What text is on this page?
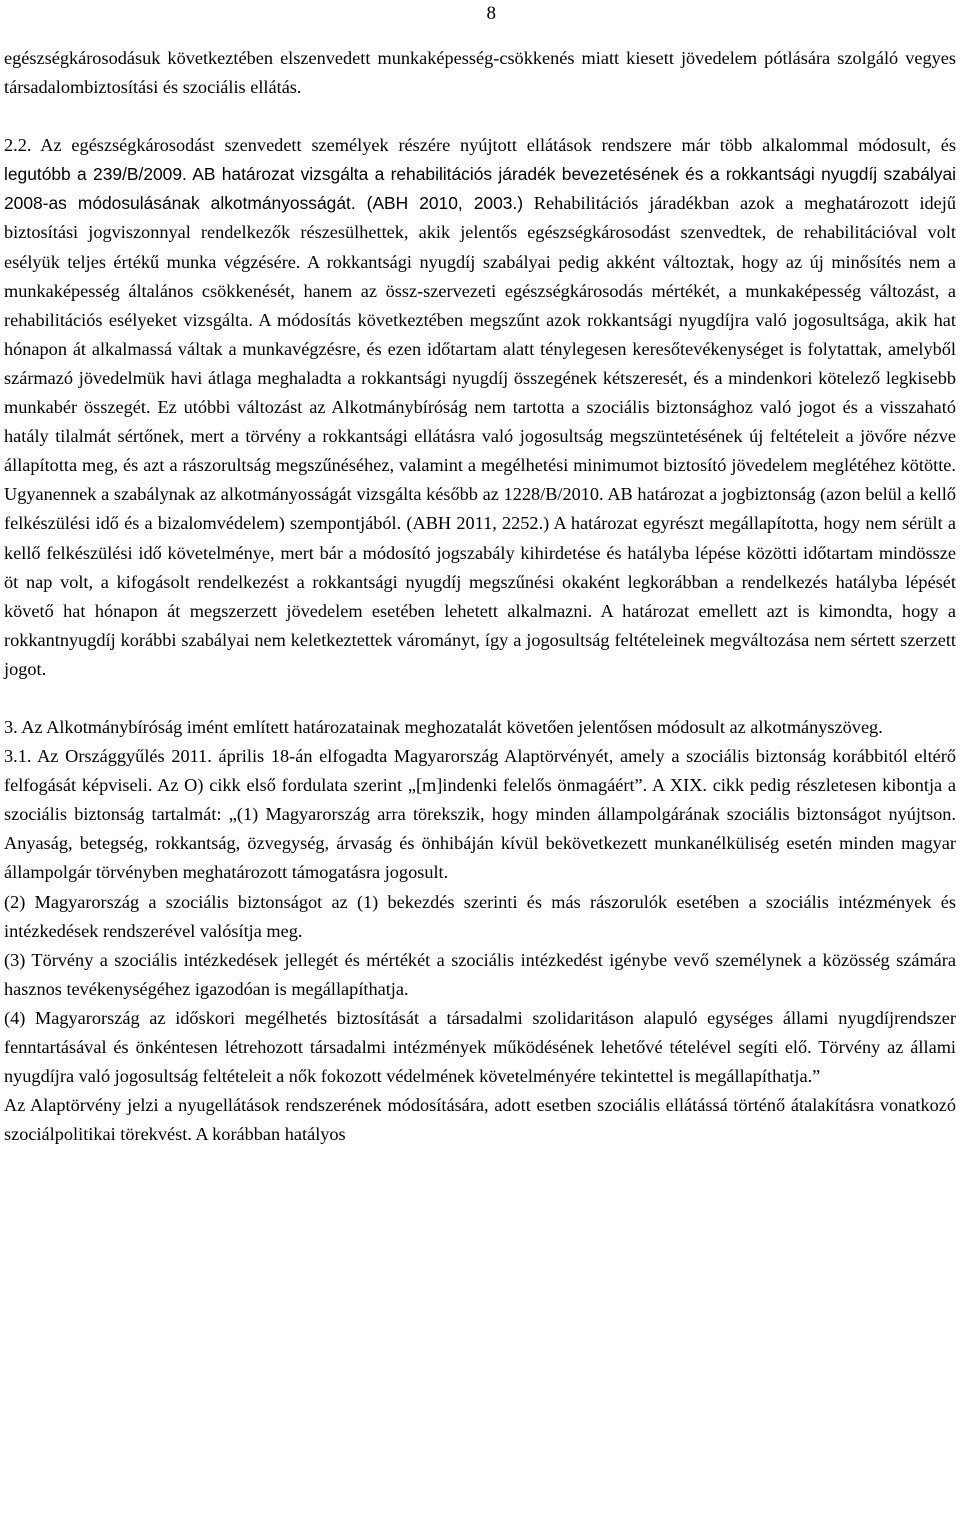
8

egészségkárosodásuk következtében elszenvedett munkaképesség-csökkenés miatt kiesett jövedelem pótlására szolgáló vegyes társadalombiztosítási és szociális ellátás.

2.2. Az egészségkárosodást szenvedett személyek részére nyújtott ellátások rendszere már több alkalommal módosult, és legutóbb a 239/B/2009. AB határozat vizsgálta a rehabilitációs járadék bevezetésének és a rokkantsági nyugdíj szabályai 2008-as módosulásának alkotmányosságát. (ABH 2010, 2003.) Rehabilitációs járadékban azok a meghatározott idejű biztosítási jogviszonnyal rendelkezők részesülhettek, akik jelentős egészségkárosodást szenvedtek, de rehabilitációval volt esélyük teljes értékű munka végzésére. A rokkantsági nyugdíj szabályai pedig akként változtak, hogy az új minősítés nem a munkaképesség általános csökkenését, hanem az össz-szervezeti egészségkárosodás mértékét, a munkaképesség változást, a rehabilitációs esélyeket vizsgálta. A módosítás következtében megszűnt azok rokkantsági nyugdíjra való jogosultsága, akik hat hónapon át alkalmassá váltak a munkavégzésre, és ezen időtartam alatt ténylegesen keresőtevékenységet is folytattak, amelyből származó jövedelmük havi átlaga meghaladta a rokkantsági nyugdíj összegének kétszeresét, és a mindenkori kötelező legkisebb munkabér összegét. Ez utóbbi változást az Alkotmánybíróság nem tartotta a szociális biztonsághoz való jogot és a visszaható hatály tilalmát sértőnek, mert a törvény a rokkantsági ellátásra való jogosultság megszüntetésének új feltételeit a jövőre nézve állapította meg, és azt a rászorultság megszűnéséhez, valamint a megélhetési minimumot biztosító jövedelem meglétéhez kötötte. Ugyanennek a szabálynak az alkotmányosságát vizsgálta később az 1228/B/2010. AB határozat a jogbiztonság (azon belül a kellő felkészülési idő és a bizalomvédelem) szempontjából. (ABH 2011, 2252.) A határozat egyrészt megállapította, hogy nem sérült a kellő felkészülési idő követelménye, mert bár a módosító jogszabály kihirdetése és hatályba lépése közötti időtartam mindössze öt nap volt, a kifogásolt rendelkezést a rokkantsági nyugdíj megszűnési okaként legkorábban a rendelkezés hatályba lépését követő hat hónapon át megszerzett jövedelem esetében lehetett alkalmazni. A határozat emellett azt is kimondta, hogy a rokkantnyugdíj korábbi szabályai nem keletkeztettek várományt, így a jogosultság feltételeinek megváltozása nem sértett szerzett jogot.

3. Az Alkotmánybíróság imént említett határozatainak meghozatalát követően jelentősen módosult az alkotmányszöveg.

3.1. Az Országgyűlés 2011. április 18-án elfogadta Magyarország Alaptörvényét, amely a szociális biztonság korábbitól eltérő felfogását képviseli. Az O) cikk első fordulata szerint „[m]indenki felelős önmagáért”. A XIX. cikk pedig részletesen kibontja a szociális biztonság tartalmát: „(1) Magyarország arra törekszik, hogy minden állampolgárának szociális biztonságot nyújtson. Anyaság, betegség, rokkantság, özvegység, árvaság és önhibáján kívül bekövetkezett munkanélküliség esetén minden magyar állampolgár törvényben meghatározott támogatásra jogosult.

(2) Magyarország a szociális biztonságot az (1) bekezdés szerinti és más rászorulók esetében a szociális intézmények és intézkedések rendszerével valósítja meg.

(3) Törvény a szociális intézkedések jellegét és mértékét a szociális intézkedést igénybe vevő személynek a közösség számára hasznos tevékenységéhez igazodóan is megállapíthatja.

(4) Magyarország az időskori megélhetés biztosítását a társadalmi szolidaritáson alapuló egységes állami nyugdíjrendszer fenntartásával és önkéntesen létrehozott társadalmi intézmények működésének lehetővé tételével segíti elő. Törvény az állami nyugdíjra való jogosultság feltételeit a nők fokozott védelmének követelményére tekintettel is megállapíthatja.”

Az Alaptörvény jelzi a nyugellátások rendszerének módosítására, adott esetben szociális ellátássá történő átalakításra vonatkozó szociálpolitikai törekvést. A korábban hatályos
